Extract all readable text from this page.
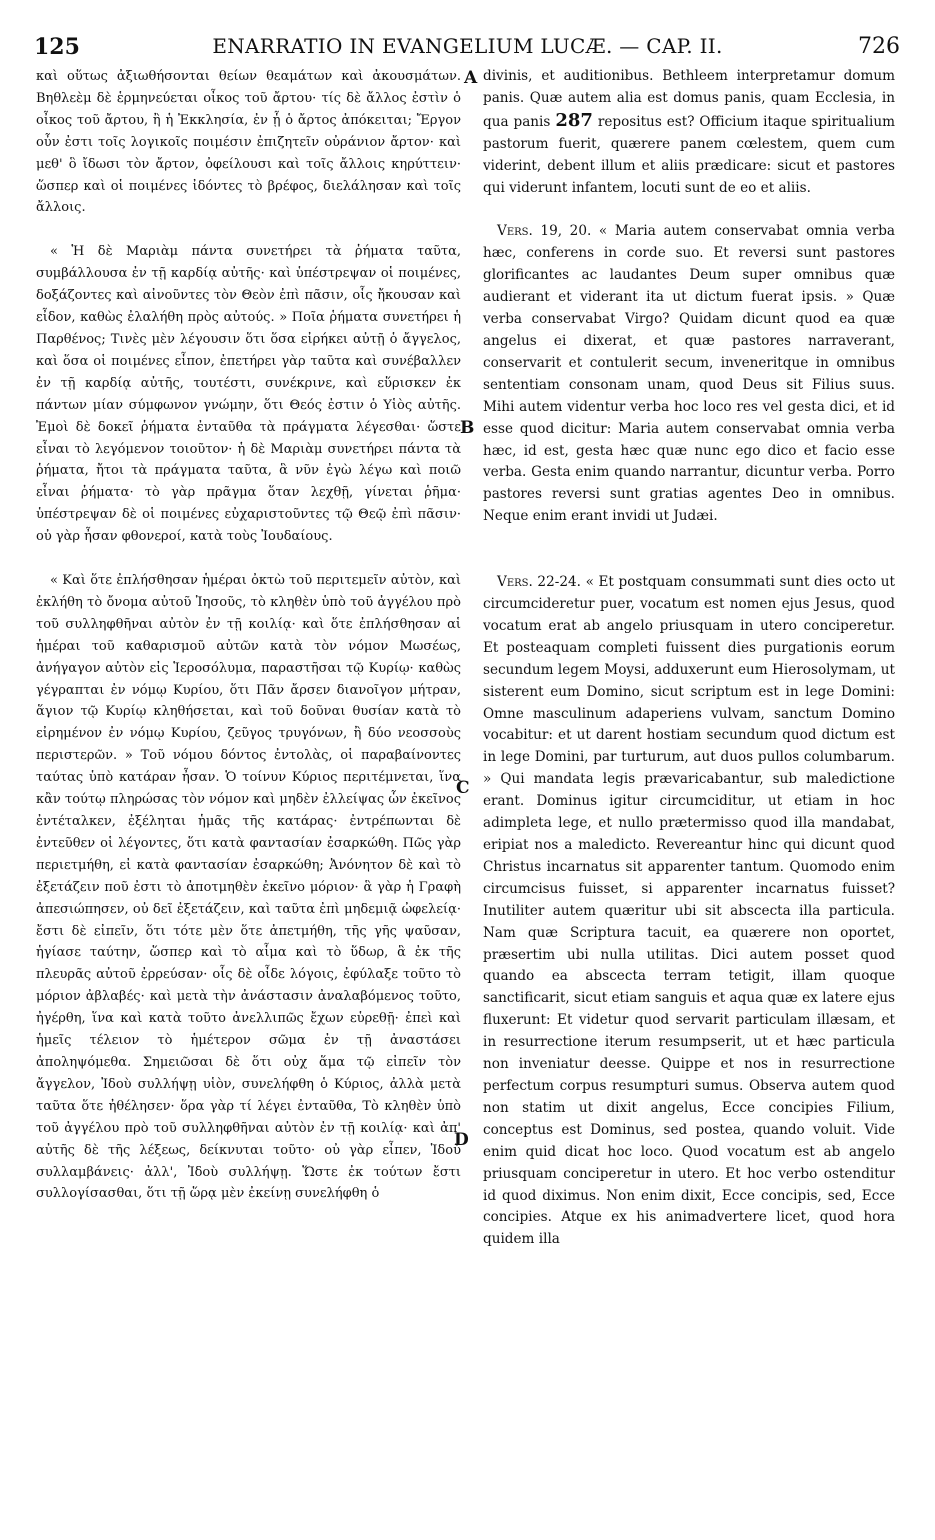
125	ENARRATIO IN EVANGELIUM LUCÆ. — CAP. II.	726

καὶ οὕτως ἀξιωθήσονται θείων θεαμάτων καὶ ἀκουσμάτων. Βηθλεὲμ δὲ ἑρμηνεύεται οἶκος τοῦ ἄρτου· τίς δὲ ἄλλος ἐστὶν ὁ οἶκος τοῦ ἄρτου, ἢ ἡ Ἐκκλησία, ἐν ᾗ ὁ ἄρτος ἀπόκειται; Ἔργον οὖν ἐστι τοῖς λογικοῖς ποιμέσιν ἐπιζητεῖν οὐράνιον ἄρτον· καὶ μεθ' ὃ ἴδωσι τὸν ἄρτον, ὀφείλουσι καὶ τοῖς ἄλλοις κηρύττειν· ὥσπερ καὶ οἱ ποιμένες ἰδόντες τὸ βρέφος, διελάλησαν καὶ τοῖς ἄλλοις.

« Ἡ δὲ Μαριὰμ πάντα συνετήρει τὰ ῥήματα ταῦτα, συμβάλλουσα ἐν τῇ καρδίᾳ αὐτῆς· καὶ ὑπέστρεψαν οἱ ποιμένες, δοξάζοντες καὶ αἰνοῦντες τὸν Θεὸν ἐπὶ πᾶσιν, οἷς ἤκουσαν καὶ εἶδον, καθὼς ἐλαλήθη πρὸς αὐτούς. » Ποῖα ῥήματα συνετήρει ἡ Παρθένος; Τινὲς μὲν λέγουσιν ὅτι ὅσα εἰρήκει αὐτῇ ὁ ἄγγελος, καὶ ὅσα οἱ ποιμένες εἶπον, ἐπετήρει γὰρ ταῦτα καὶ συνέβαλλεν ἐν τῇ καρδίᾳ αὐτῆς, τουτέστι, συνέκρινε, καὶ εὕρισκεν ἐκ πάντων μίαν σύμφωνον γνώμην, ὅτι Θεός ἐστιν ὁ Υἱὸς αὐτῆς. Ἐμοὶ δὲ δοκεῖ ῥήματα ἐνταῦθα τὰ πράγματα λέγεσθαι· ὥστε εἶναι τὸ λεγόμενον τοιοῦτον· ἡ δὲ Μαριὰμ συνετήρει πάντα τὰ ῥήματα, ἤτοι τὰ πράγματα ταῦτα, ἃ νῦν ἐγὼ λέγω καὶ ποιῶ εἶναι ῥήματα· τὸ γὰρ πρᾶγμα ὅταν λεχθῇ, γίνεται ῥῆμα· ὑπέστρεψαν δὲ οἱ ποιμένες εὐχαριστοῦντες τῷ Θεῷ ἐπὶ πᾶσιν· οὐ γὰρ ἦσαν φθονεροί, κατὰ τοὺς Ἰουδαίους.

« Καὶ ὅτε ἐπλήσθησαν ἡμέραι ὀκτὼ τοῦ περιτεμεῖν αὐτὸν, καὶ ἐκλήθη τὸ ὄνομα αὐτοῦ Ἰησοῦς, τὸ κληθὲν ὑπὸ τοῦ ἀγγέλου πρὸ τοῦ συλληφθῆναι αὐτὸν ἐν τῇ κοιλίᾳ· καὶ ὅτε ἐπλήσθησαν αἱ ἡμέραι τοῦ καθαρισμοῦ αὐτῶν κατὰ τὸν νόμον Μωσέως, ἀνήγαγον αὐτὸν εἰς Ἱεροσόλυμα, παραστῆσαι τῷ Κυρίῳ· καθὼς γέγραπται ἐν νόμῳ Κυρίου, ὅτι Πᾶν ἄρσεν διανοῖγον μήτραν, ἅγιον τῷ Κυρίῳ κληθήσεται, καὶ τοῦ δοῦναι θυσίαν κατὰ τὸ εἰρημένον ἐν νόμῳ Κυρίου, ζεῦγος τρυγόνων, ἢ δύο νεοσσοὺς περιστερῶν. » Τοῦ νόμου δόντος ἐντολὰς, οἱ παραβαίνοντες ταύτας ὑπὸ κατάραν ἦσαν. Ὁ τοίνυν Κύριος περιτέμνεται, ἵνα κἂν τούτῳ πληρώσας τὸν νόμον καὶ μηδὲν ἐλλείψας ὧν ἐκεῖνος ἐντέταλκεν, ἐξέληται ἡμᾶς τῆς κατάρας· ἐντρέπωνται δὲ ἐντεῦθεν οἱ λέγοντες, ὅτι κατὰ φαντασίαν ἐσαρκώθη. Πῶς γὰρ περιετμήθη, εἰ κατὰ φαντασίαν ἐσαρκώθη; Ἀνόνητον δὲ καὶ τὸ ἐξετάζειν ποῦ ἐστι τὸ ἀποτμηθὲν ἐκεῖνο μόριον· ἃ γὰρ ἡ Γραφὴ ἀπεσιώπησεν, οὐ δεῖ ἐξετάζειν, καὶ ταῦτα ἐπὶ μηδεμιᾷ ὠφελείᾳ· ἔστι δὲ εἰπεῖν, ὅτι τότε μὲν ὅτε ἀπετμήθη, τῆς γῆς ψαῦσαν, ἡγίασε ταύτην, ὥσπερ καὶ τὸ αἷμα καὶ τὸ ὕδωρ, ἃ ἐκ τῆς πλευρᾶς αὐτοῦ ἐρρεύσαν· οἷς δὲ οἶδε λόγοις, ἐφύλαξε τοῦτο τὸ μόριον ἀβλαβές· καὶ μετὰ τὴν ἀνάστασιν ἀναλαβόμενος τοῦτο, ἠγέρθη, ἵνα καὶ κατὰ τοῦτο ἀνελλιπῶς ἔχων εὑρεθῇ· ἐπεὶ καὶ ἡμεῖς τέλειον τὸ ἡμέτερον σῶμα ἐν τῇ ἀναστάσει ἀποληψόμεθα. Σημειῶσαι δὲ ὅτι οὐχ ἅμα τῷ εἰπεῖν τὸν ἄγγελον, Ἰδοὺ συλλήψῃ υἱὸν, συνελήφθη ὁ Κύριος, ἀλλὰ μετὰ ταῦτα ὅτε ἠθέλησεν· ὅρα γὰρ τί λέγει ἐνταῦθα, Τὸ κληθὲν ὑπὸ τοῦ ἀγγέλου πρὸ τοῦ συλληφθῆναι αὐτὸν ἐν τῇ κοιλίᾳ· καὶ ἀπ' αὐτῆς δὲ τῆς λέξεως, δείκνυται τοῦτο· οὐ γὰρ εἶπεν, Ἰδοὺ συλλαμβάνεις· ἀλλ', Ἰδοὺ συλλήψῃ. Ὥστε ἐκ τούτων ἔστι συλλογίσασθαι, ὅτι τῇ ὥρᾳ μὲν ἐκείνῃ συνελήφθη ὁ

A
B
C
D

divinis, et auditionibus. Bethleem interpretamur domum panis. Quæ autem alia est domus panis, quam Ecclesia, in qua panis 287 repositus est? Officium itaque spiritualium pastorum fuerit, quærere panem cœlestem, quem cum viderint, debent illum et aliis prædicare: sicut et pastores qui viderunt infantem, locuti sunt de eo et aliis.

Vers. 19, 20. « Maria autem conservabat omnia verba hæc, conferens in corde suo. Et reversi sunt pastores glorificantes ac laudantes Deum super omnibus quæ audierant et viderant ita ut dictum fuerat ipsis. » Quæ verba conservabat Virgo? Quidam dicunt quod ea quæ angelus ei dixerat, et quæ pastores narraverant, conservarit et contulerit secum, inveneritque in omnibus sententiam consonam unam, quod Deus sit Filius suus. Mihi autem videntur verba hoc loco res vel gesta dici, et id esse quod dicitur: Maria autem conservabat omnia verba hæc, id est, gesta hæc quæ nunc ego dico et facio esse verba. Gesta enim quando narrantur, dicuntur verba. Porro pastores reversi sunt gratias agentes Deo in omnibus. Neque enim erant invidi ut Judæi.

Vers. 22-24. « Et postquam consummati sunt dies octo ut circumcideretur puer, vocatum est nomen ejus Jesus, quod vocatum erat ab angelo priusquam in utero conciperetur. Et posteaquam completi fuissent dies purgationis eorum secundum legem Moysi, adduxerunt eum Hierosolymam, ut sisterent eum Domino, sicut scriptum est in lege Domini: Omne masculinum adaperiens vulvam, sanctum Domino vocabitur: et ut darent hostiam secundum quod dictum est in lege Domini, par turturum, aut duos pullos columbarum. » Qui mandata legis prævaricabantur, sub maledictione erant. Dominus igitur circumciditur, ut etiam in hoc adimpleta lege, et nullo prætermisso quod illa mandabat, eripiat nos a maledicto. Revereantur hinc qui dicunt quod Christus incarnatus sit apparenter tantum. Quomodo enim circumcisus fuisset, si apparenter incarnatus fuisset? Inutiliter autem quæritur ubi sit abscecta illa particula. Nam quæ Scriptura tacuit, ea quærere non oportet, præsertim ubi nulla utilitas. Dici autem posset quod quando ea abscecta terram tetigit, illam quoque sanctificarit, sicut etiam sanguis et aqua quæ ex latere ejus fluxerunt: Et videtur quod servarit particulam illæsam, et in resurrectione iterum resumpserit, ut et hæc particula non inveniatur deesse. Quippe et nos in resurrectione perfectum corpus resumpturi sumus. Observa autem quod non statim ut dixit angelus, Ecce concipies Filium, conceptus est Dominus, sed postea, quando voluit. Vide enim quid dicat hoc loco. Quod vocatum est ab angelo priusquam conciperetur in utero. Et hoc verbo ostenditur id quod diximus. Non enim dixit, Ecce concipis, sed, Ecce concipies. Atque ex his animadvertere licet, quod hora quidem illa
